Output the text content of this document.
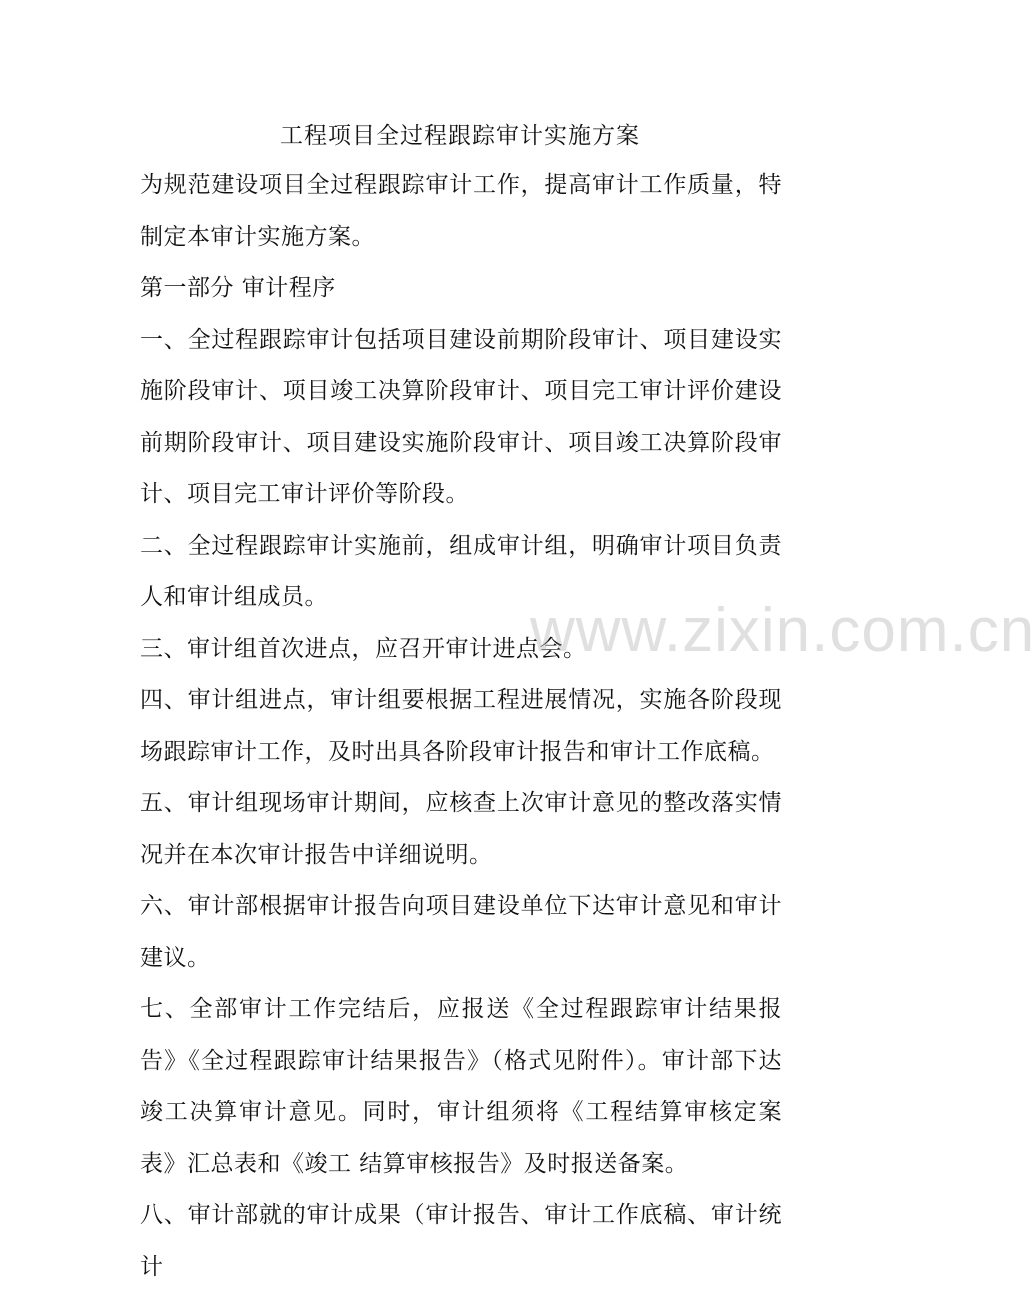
工程项目全过程跟踪审计实施方案

为规范建设项目全过程跟踪审计工作，提高审计工作质量，特制定本审计实施方案。

第一部分 审计程序

一、全过程跟踪审计包括项目建设前期阶段审计、项目建设实施阶段审计、项目竣工决算阶段审计、项目完工审计评价建设前期阶段审计、项目建设实施阶段审计、项目竣工决算阶段审计、项目完工审计评价等阶段。

二、全过程跟踪审计实施前，组成审计组，明确审计项目负责人和审计组成员。

三、审计组首次进点，应召开审计进点会。

四、审计组进点，审计组要根据工程进展情况，实施各阶段现场跟踪审计工作，及时出具各阶段审计报告和审计工作底稿。

五、审计组现场审计期间，应核查上次审计意见的整改落实情况并在本次审计报告中详细说明。

六、审计部根据审计报告向项目建设单位下达审计意见和审计建议。

七、全部审计工作完结后，应报送《全过程跟踪审计结果报告》《全过程跟踪审计结果报告》（格式见附件）。审计部下达竣工决算审计意见。同时，审计组须将《工程结算审核定案表》汇总表和《竣工 结算审核报告》及时报送备案。

八、审计部就的审计成果（审计报告、审计工作底稿、审计统计

www.zixin.com.cn
